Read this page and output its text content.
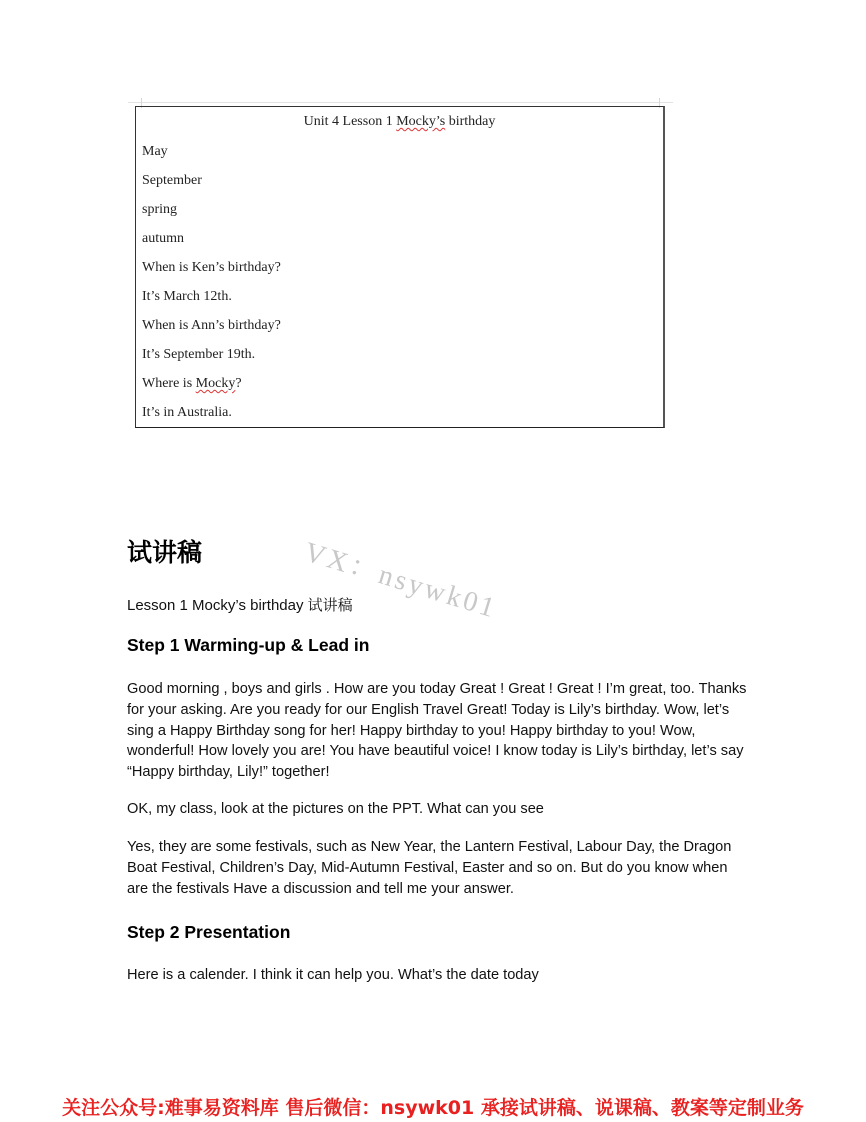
Unit 4 Lesson 1 Mocky’s birthday
May
September
spring
autumn
When is Ken’s birthday?
It’s March 12th.
When is Ann’s birthday?
It’s September 19th.
Where is Mocky?
It’s in Australia.
VX：nsywk01
试讲稿
Lesson 1 Mocky’s birthday 试讲稿
Step 1 Warming-up & Lead in
Good morning , boys and girls . How are you today Great ! Great ! Great ! I’m great, too. Thanks for your asking. Are you ready for our English Travel Great! Today is Lily’s birthday. Wow, let’s sing a Happy Birthday song for her! Happy birthday to you! Happy birthday to you! Wow, wonderful! How lovely you are! You have beautiful voice! I know today is Lily’s birthday, let’s say “Happy birthday, Lily!” together!
OK, my class, look at the pictures on the PPT. What can you see
Yes, they are some festivals, such as New Year, the Lantern Festival, Labour Day, the Dragon Boat Festival, Children’s Day, Mid-Autumn Festival, Easter and so on. But do you know when are the festivals Have a discussion and tell me your answer.
Step 2 Presentation
Here is a calender. I think it can help you. What’s the date today
关注公众号:难事易资料库 售后微信：nsywk01 承接试讲稿、说课稿、教案等定制业务
